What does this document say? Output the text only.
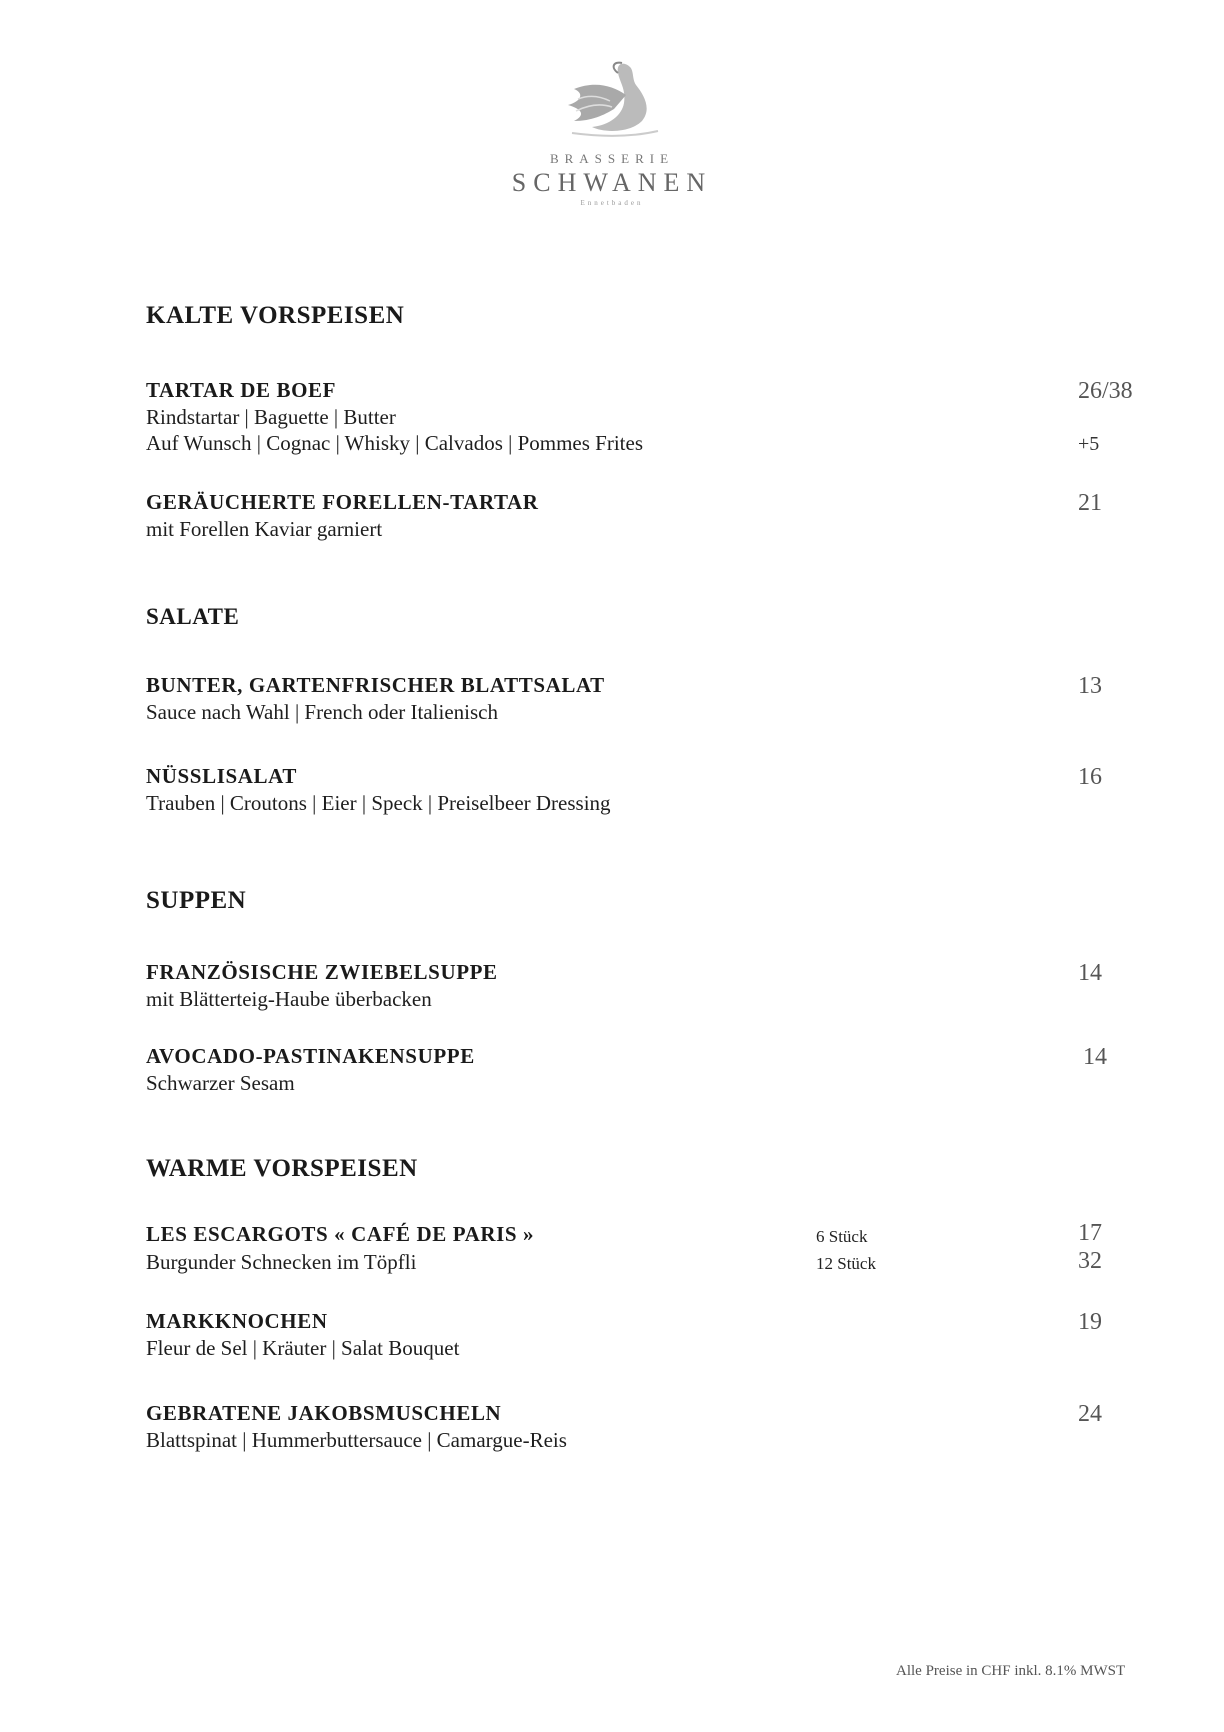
BRASSERIE
SCHWANEN
Ennetbaden
KALTE VORSPEISEN
TARTAR DE BOEF
Rindstartar | Baguette | Butter
Auf Wunsch | Cognac | Whisky | Calvados | Pommes Frites
26/38
+5
GERÄUCHERTE FORELLEN-TARTAR
mit Forellen Kaviar garniert
21
SALATE
BUNTER, GARTENFRISCHER BLATTSALAT
Sauce nach Wahl | French oder Italienisch
13
NÜSSLISALAT
Trauben | Croutons | Eier | Speck | Preiselbeer Dressing
16
SUPPEN
FRANZÖSISCHE ZWIEBELSUPPE
mit Blätterteig-Haube überbacken
14
AVOCADO-PASTINAKENSUPPE
Schwarzer Sesam
14
WARME VORSPEISEN
LES ESCARGOTS « CAFÉ DE PARIS »
Burgunder Schnecken im Töpfli
6 Stück
12 Stück
17
32
MARKKNOCHEN
Fleur de Sel | Kräuter | Salat Bouquet
19
GEBRATENE JAKOBSMUSCHELN
Blattspinat | Hummerbuttersauce | Camargue-Reis
24
Alle Preise in CHF inkl. 8.1% MWST
